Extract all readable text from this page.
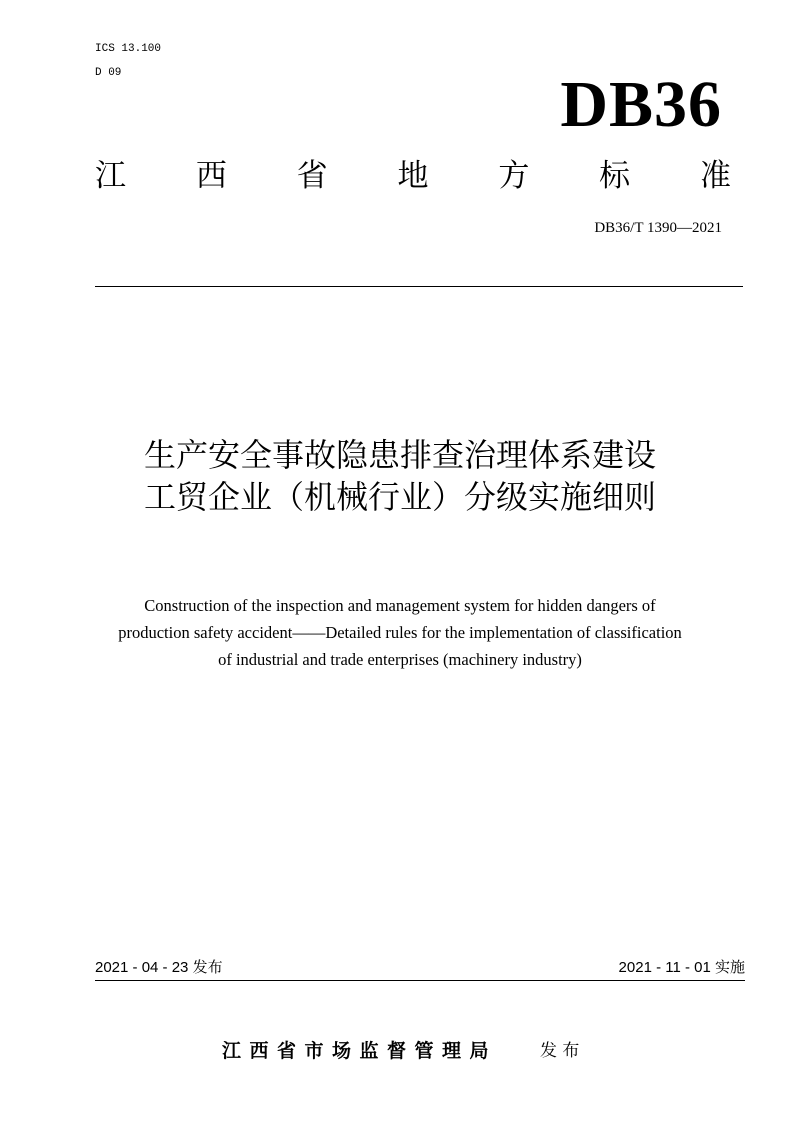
ICS 13.100
D 09	DB36
江 西 省 地 方 标 准
DB36/T 1390—2021
生产安全事故隐患排查治理体系建设
工贸企业（机械行业）分级实施细则
Construction of the inspection and management system for hidden dangers of
production safety accident——Detailed rules for the implementation of classification
of industrial and trade enterprises (machinery industry)
2021 - 04 - 23 发布	2021 - 11 - 01 实施
江西省市场监督管理局	发 布
